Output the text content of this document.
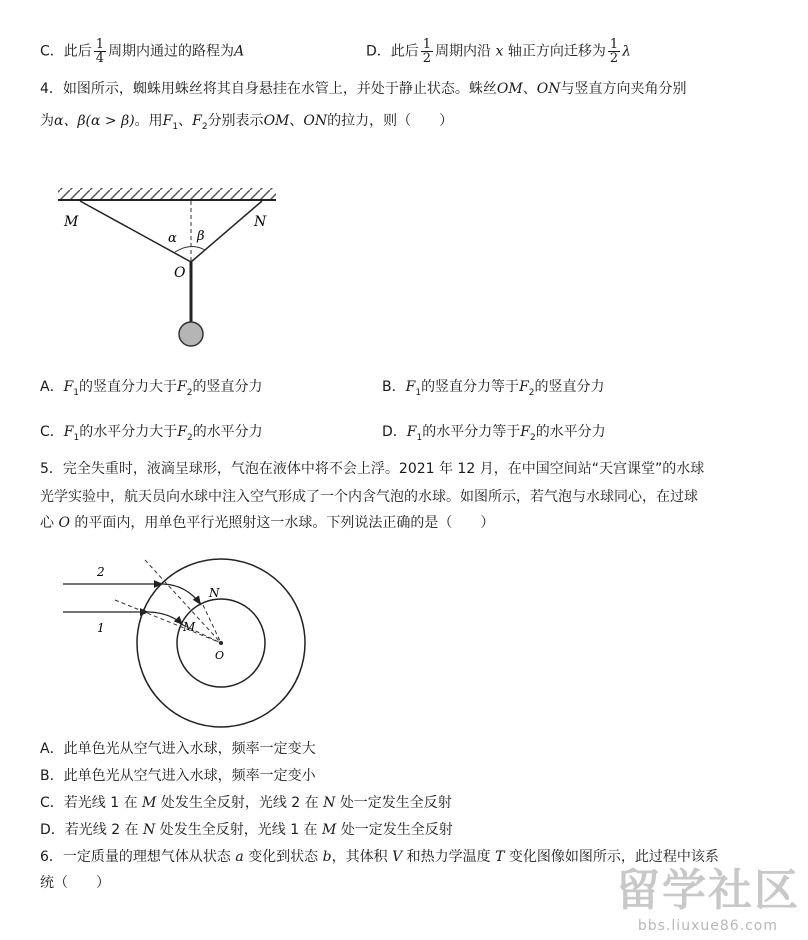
C．此后 $\frac{1}{4}$ 周期内通过的路程为A	D．此后 $\frac{1}{2}$ 周期内沿 x 轴正方向迁移为 $\frac{1}{2}$ λ
4．如图所示，蜘蛛用蛛丝将其自身悬挂在水管上，并处于静止状态。蛛丝OM、ON与竖直方向夹角分别
为α、β(α > β)。用$F_1$、$F_2$分别表示OM、ON的拉力，则（　　）
M	N
O
α β
A．$F_1$的竖直分力大于$F_2$的竖直分力	B．$F_1$的竖直分力等于$F_2$的竖直分力
C．$F_1$的水平分力大于$F_2$的水平分力	D．$F_1$的水平分力等于$F_2$的水平分力
5．完全失重时，液滴呈球形，气泡在液体中将不会上浮。2021 年 12 月，在中国空间站“天宫课堂”的水球
光学实验中，航天员向水球中注入空气形成了一个内含气泡的水球。如图所示，若气泡与水球同心，在过球
心 O 的平面内，用单色平行光照射这一水球。下列说法正确的是（　　）
2
1
N
M
O
A．此单色光从空气进入水球，频率一定变大
B．此单色光从空气进入水球，频率一定变小
C．若光线 1 在 M 处发生全反射，光线 2 在 N 处一定发生全反射
D．若光线 2 在 N 处发生全反射，光线 1 在 M 处一定发生全反射
6．一定质量的理想气体从状态 a 变化到状态 b，其体积 V 和热力学温度 T 变化图像如图所示，此过程中该系
统（　　）	留学社区
bbs.liuxue86.com
